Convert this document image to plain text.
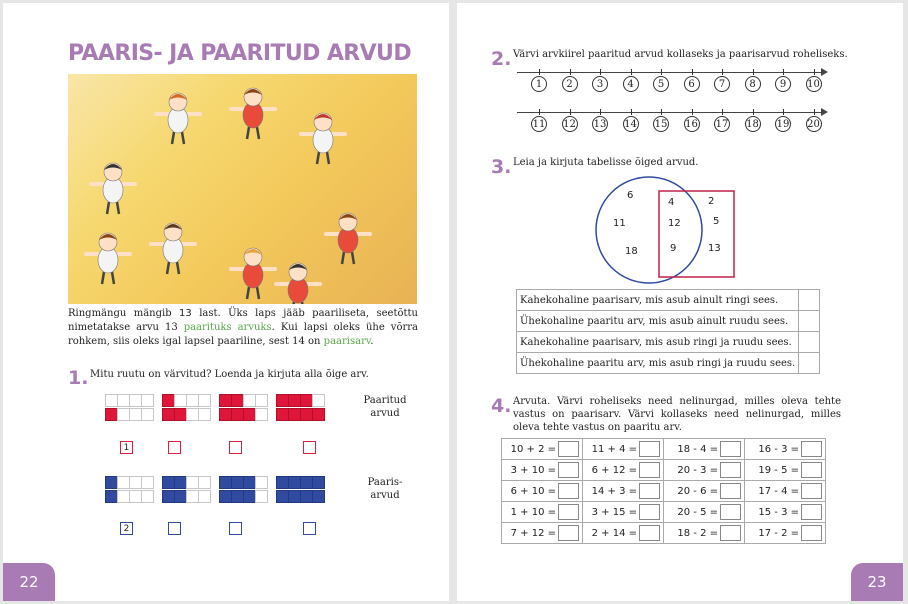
PAARIS- JA PAARITUD ARVUD
Ringmängu mängib 13 last. Üks laps jääb paariliseta, seetõttu nimetatakse arvu 13 paarituks arvuks. Kui lapsi oleks ühe võrra rohkem, siis oleks igal lapsel paariline, sest 14 on paarisarv.
1. Mitu ruutu on värvitud? Loenda ja kirjuta alla õige arv.
Paaritud
arvud
1
Paaris-
arvud
2
22
2. Värvi arvkiirel paaritud arvud kollaseks ja paarisarvud roheliseks.
1	2	3	4	5	6	7	8	9	10
11 12 13 14 15 16 17 18 19 20
3. Leia ja kirjuta tabelisse õiged arvud.
6
11
18
4
12
9
2
5
13
Kahekohaline paarisarv, mis asub ainult ringi sees.	
Ühekohaline paaritu arv, mis asub ainult ruudu sees.	
Kahekohaline paarisarv, mis asub ringi ja ruudu sees.	
Ühekohaline paaritu arv, mis asub ringi ja ruudu sees.	
4. Arvuta. Värvi roheliseks need nelinurgad, milles oleva tehte vastus on paarisarv. Värvi kollaseks need nelinurgad, milles oleva tehte vastus on paaritu arv.
10 + 2 =	11 + 4 =	18 - 4 =	16 - 3 =

3 + 10 =	6 + 12 =	20 - 3 =	19 - 5 =

6 + 10 =	14 + 3 =	20 - 6 =	17 - 4 =

1 + 10 =	3 + 15 =	20 - 5 =	15 - 3 =

7 + 12 =	2 + 14 =	18 - 2 =	17 - 2 =
23
